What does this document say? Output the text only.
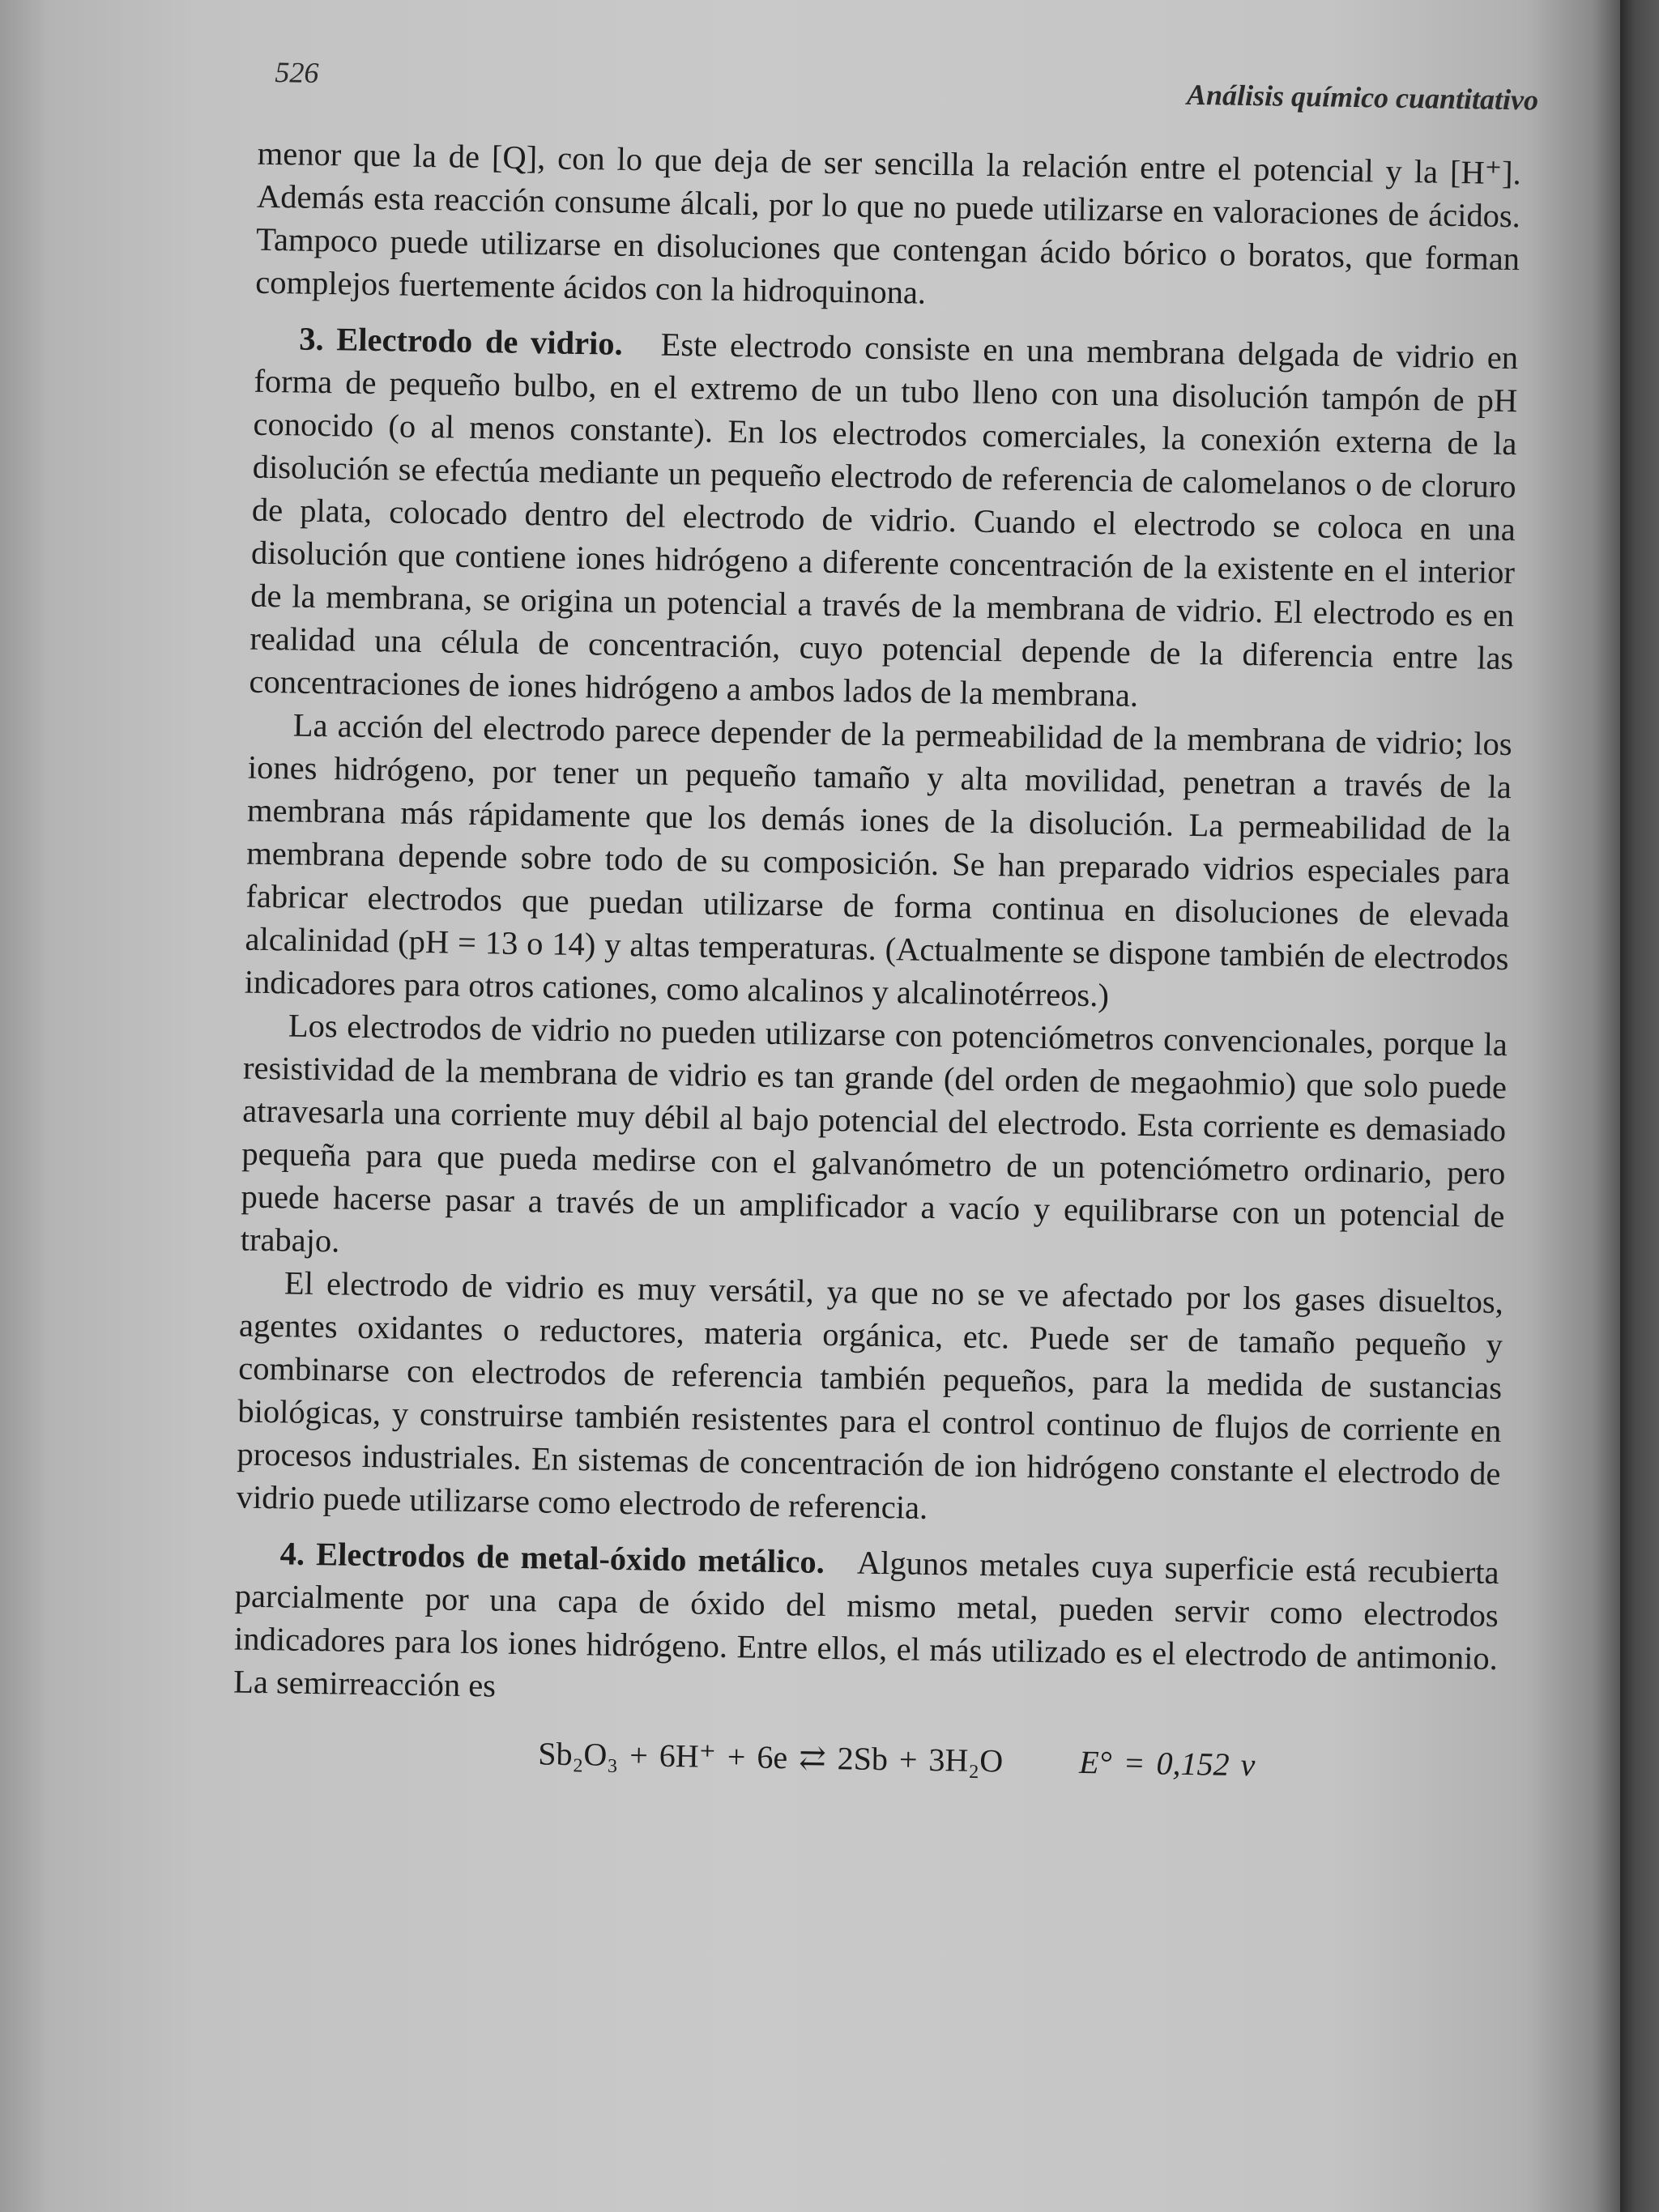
526
Análisis químico cuantitativo

menor que la de [Q], con lo que deja de ser sencilla la relación entre el potencial y la [H⁺]. Además esta reacción consume álcali, por lo que no puede utilizarse en valoraciones de ácidos. Tampoco puede utilizarse en disoluciones que contengan ácido bórico o boratos, que forman complejos fuertemente ácidos con la hidroquinona.

3. Electrodo de vidrio. Este electrodo consiste en una membrana delgada de vidrio en forma de pequeño bulbo, en el extremo de un tubo lleno con una disolución tampón de pH conocido (o al menos constante). En los electrodos comerciales, la conexión externa de la disolución se efectúa mediante un pequeño electrodo de referencia de calomelanos o de cloruro de plata, colocado dentro del electrodo de vidrio. Cuando el electrodo se coloca en una disolución que contiene iones hidrógeno a diferente concentración de la existente en el interior de la membrana, se origina un potencial a través de la membrana de vidrio. El electrodo es en realidad una célula de concentración, cuyo potencial depende de la diferencia entre las concentraciones de iones hidrógeno a ambos lados de la membrana.

La acción del electrodo parece depender de la permeabilidad de la membrana de vidrio; los iones hidrógeno, por tener un pequeño tamaño y alta movilidad, penetran a través de la membrana más rápidamente que los demás iones de la disolución. La permeabilidad de la membrana depende sobre todo de su composición. Se han preparado vidrios especiales para fabricar electrodos que puedan utilizarse de forma continua en disoluciones de elevada alcalinidad (pH = 13 o 14) y altas temperaturas. (Actualmente se dispone también de electrodos indicadores para otros cationes, como alcalinos y alcalinotérreos.)

Los electrodos de vidrio no pueden utilizarse con potenciómetros convencionales, porque la resistividad de la membrana de vidrio es tan grande (del orden de megaohmio) que solo puede atravesarla una corriente muy débil al bajo potencial del electrodo. Esta corriente es demasiado pequeña para que pueda medirse con el galvanómetro de un potenciómetro ordinario, pero puede hacerse pasar a través de un amplificador a vacío y equilibrarse con un potencial de trabajo.

El electrodo de vidrio es muy versátil, ya que no se ve afectado por los gases disueltos, agentes oxidantes o reductores, materia orgánica, etc. Puede ser de tamaño pequeño y combinarse con electrodos de referencia también pequeños, para la medida de sustancias biológicas, y construirse también resistentes para el control continuo de flujos de corriente en procesos industriales. En sistemas de concentración de ion hidrógeno constante el electrodo de vidrio puede utilizarse como electrodo de referencia.

4. Electrodos de metal-óxido metálico. Algunos metales cuya superficie está recubierta parcialmente por una capa de óxido del mismo metal, pueden servir como electrodos indicadores para los iones hidrógeno. Entre ellos, el más utilizado es el electrodo de antimonio. La semirreacción es

Sb₂O₃ + 6H⁺ + 6e ⇄ 2Sb + 3H₂O E° = 0,152 v
